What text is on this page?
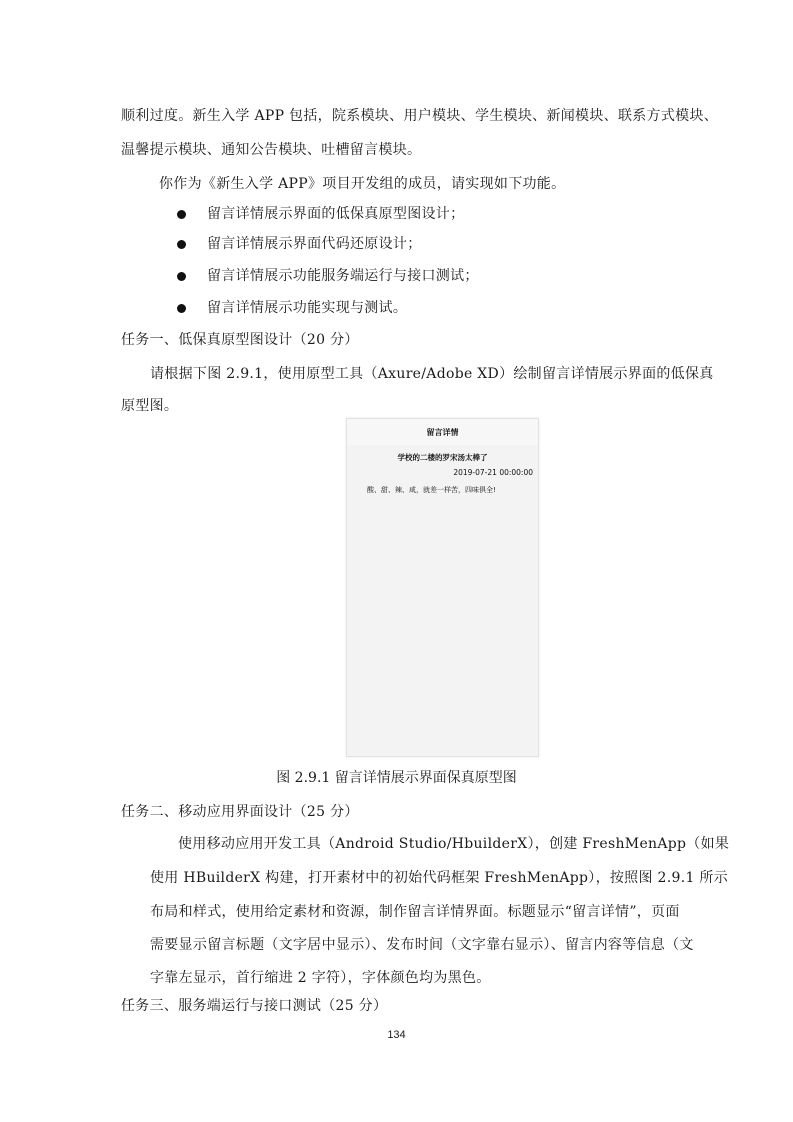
顺利过度。新生入学 APP 包括，院系模块、用户模块、学生模块、新闻模块、联系方式模块、
温馨提示模块、通知公告模块、吐槽留言模块。
你作为《新生入学 APP》项目开发组的成员，请实现如下功能。
留言详情展示界面的低保真原型图设计；
留言详情展示界面代码还原设计；
留言详情展示功能服务端运行与接口测试；
留言详情展示功能实现与测试。
任务一、低保真原型图设计（20 分）
请根据下图 2.9.1，使用原型工具（Axure/Adobe XD）绘制留言详情展示界面的低保真
原型图。
留言详情
学校的二楼的罗宋汤太棒了
2019-07-21 00:00:00
酸、甜、辣、咸，就差一样苦，四味俱全!
图 2.9.1 留言详情展示界面保真原型图
任务二、移动应用界面设计（25 分）
使用移动应用开发工具（Android Studio/HbuilderX），创建 FreshMenApp（如果
使用 HBuilderX 构建，打开素材中的初始代码框架 FreshMenApp），按照图 2.9.1 所示
布局和样式，使用给定素材和资源，制作留言详情界面。标题显示“留言详情”，页面
需要显示留言标题（文字居中显示）、发布时间（文字靠右显示）、留言内容等信息（文
字靠左显示，首行缩进 2 字符），字体颜色均为黑色。
任务三、服务端运行与接口测试（25 分）
134
